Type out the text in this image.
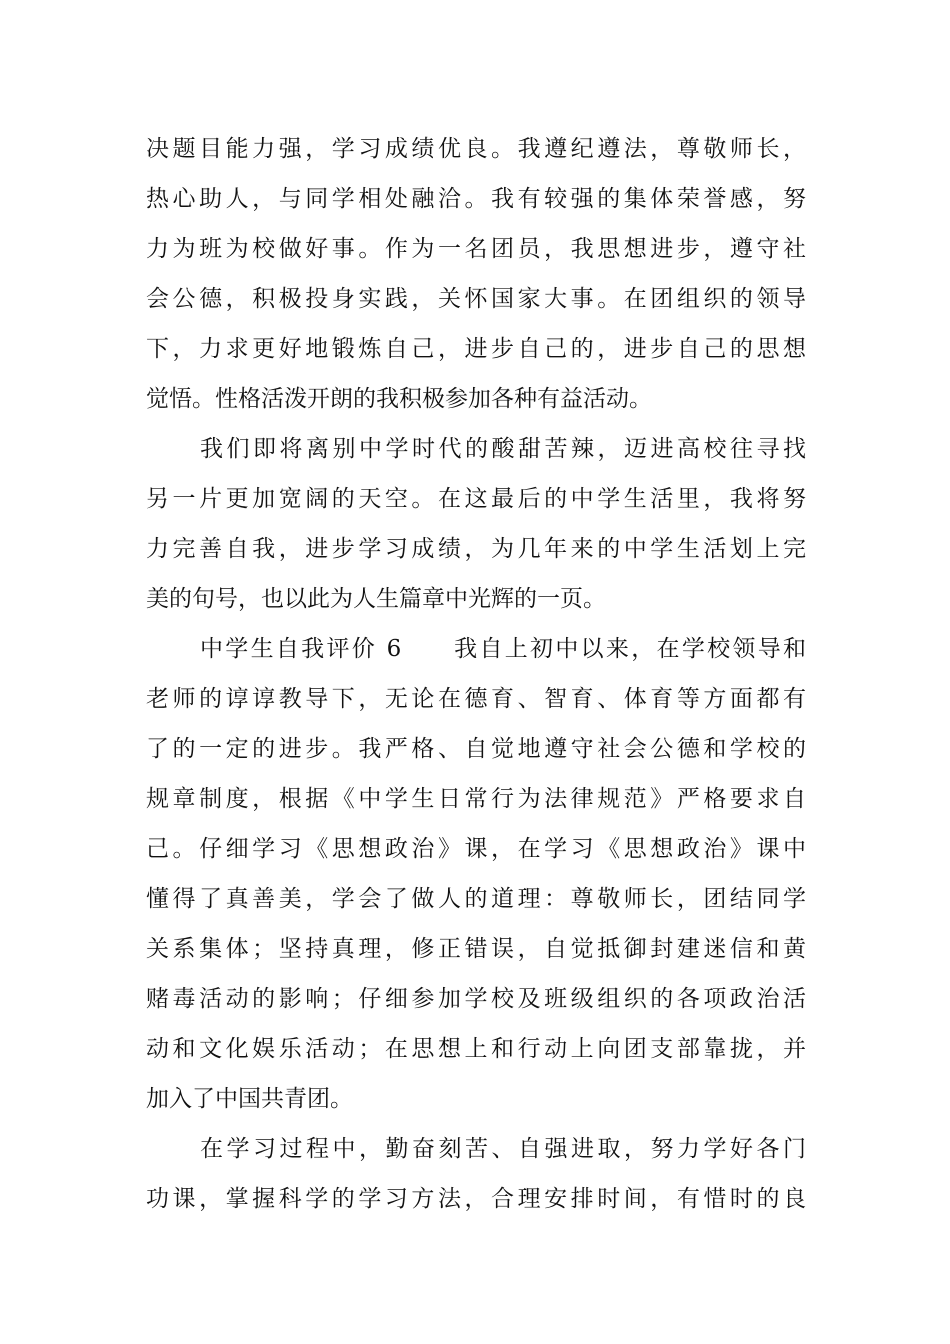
决题目能力强，学习成绩优良。我遵纪遵法，尊敬师长，
热心助人，与同学相处融洽。我有较强的集体荣誉感，努
力为班为校做好事。作为一名团员，我思想进步，遵守社
会公德，积极投身实践，关怀国家大事。在团组织的领导
下，力求更好地锻炼自己，进步自己的，进步自己的思想
觉悟。性格活泼开朗的我积极参加各种有益活动。
我们即将离别中学时代的酸甜苦辣，迈进高校往寻找
另一片更加宽阔的天空。在这最后的中学生活里，我将努
力完善自我，进步学习成绩，为几年来的中学生活划上完
美的句号，也以此为人生篇章中光辉的一页。
中学生自我评价 6　　我自上初中以来，在学校领导和
老师的谆谆教导下，无论在德育、智育、体育等方面都有
了的一定的进步。我严格、自觉地遵守社会公德和学校的
规章制度，根据《中学生日常行为法律规范》严格要求自
己。仔细学习《思想政治》课，在学习《思想政治》课中
懂得了真善美，学会了做人的道理：尊敬师长，团结同学
关系集体；坚持真理，修正错误，自觉抵御封建迷信和黄
赌毒活动的影响；仔细参加学校及班级组织的各项政治活
动和文化娱乐活动；在思想上和行动上向团支部靠拢，并
加入了中国共青团。
在学习过程中，勤奋刻苦、自强进取，努力学好各门
功课，掌握科学的学习方法，合理安排时间，有惜时的良
